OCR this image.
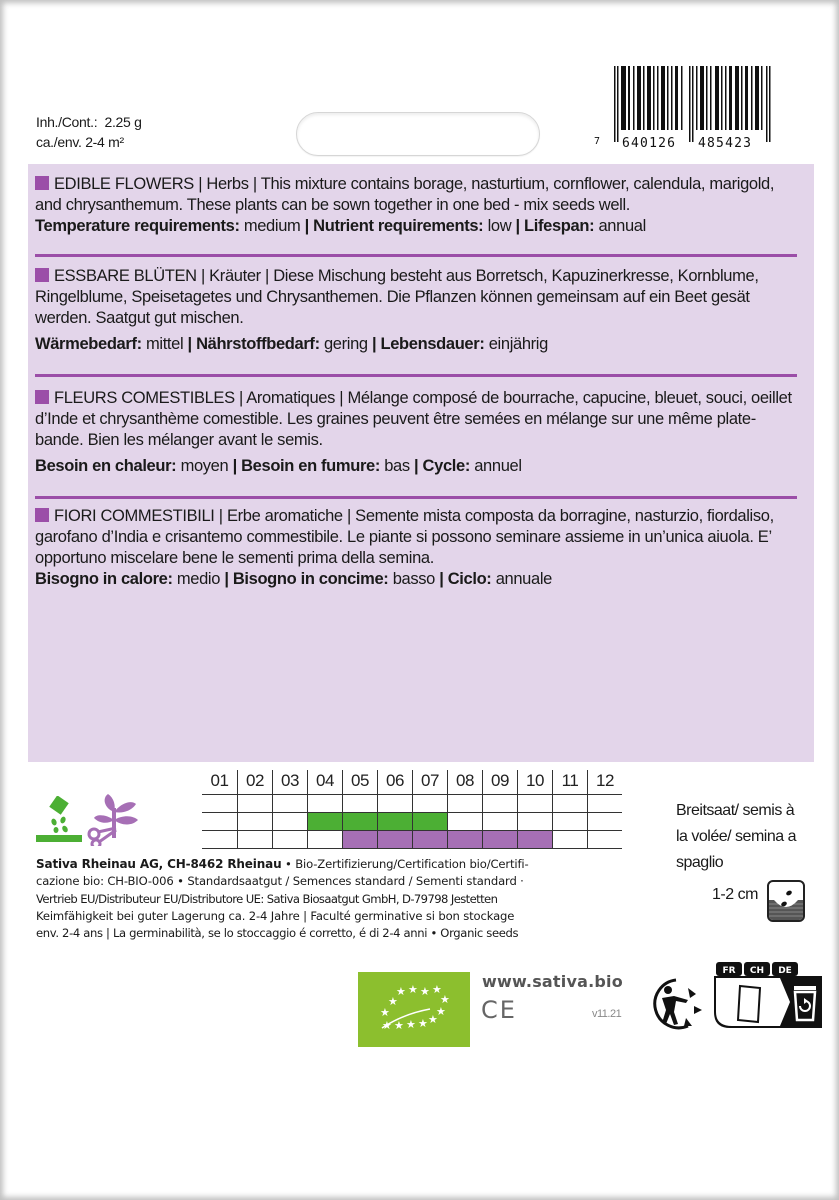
Inh./Cont.: 2.25 g
ca./env. 2-4 m²	7 640126 485423
EDIBLE FLOWERS | Herbs | This mixture contains borage, nasturtium, cornflower, calendula, marigold,
and chrysanthemum. These plants can be sown together in one bed - mix seeds well.
Temperature requirements: medium | Nutrient requirements: low | Lifespan: annual
ESSBARE BLÜTEN | Kräuter | Diese Mischung besteht aus Borretsch, Kapuzinerkresse, Kornblume,
Ringelblume, Speisetagetes und Chrysanthemen. Die Pflanzen können gemeinsam auf ein Beet gesät
werden. Saatgut gut mischen.
Wärmebedarf: mittel | Nährstoffbedarf: gering | Lebensdauer: einjährig
FLEURS COMESTIBLES | Aromatiques | Mélange composé de bourrache, capucine, bleuet, souci, oeillet
d’Inde et chrysanthème comestible. Les graines peuvent être semées en mélange sur une même plate-
bande. Bien les mélanger avant le semis.
Besoin en chaleur: moyen | Besoin en fumure: bas | Cycle: annuel
FIORI COMMESTIBILI | Erbe aromatiche | Semente mista composta da borragine, nasturzio, fiordaliso,
garofano d’India e crisantemo commestibile. Le piante si possono seminare assieme in un’unica aiuola. E’
opportuno miscelare bene le sementi prima della semina.
Bisogno in calore: medio | Bisogno in concime: basso | Ciclo: annuale
01	02	03	04	05	06	07	08	09	10	11	12
Sativa Rheinau AG, CH-8462 Rheinau • Bio-Zertifizierung/Certification bio/Certifi-
cazione bio: CH-BIO-006 • Standardsaatgut / Semences standard / Sementi standard ·
Vertrieb EU/Distributeur EU/Distributore UE: Sativa Biosaatgut GmbH, D-79798 Jestetten
Keimfähigkeit bei guter Lagerung ca. 2-4 Jahre | Faculté germinative si bon stockage
env. 2-4 ans | La germinabilità, se lo stoccaggio é corretto, é di 2-4 anni • Organic seeds
Breitsaat/ semis à
la volée/ semina a
spaglio
1-2 cm
★ ★ ★ ★
★	★
★	★
★ ★ ★ ★ ★
www.sativa.bio
CE	v11.21
FR CH DE
